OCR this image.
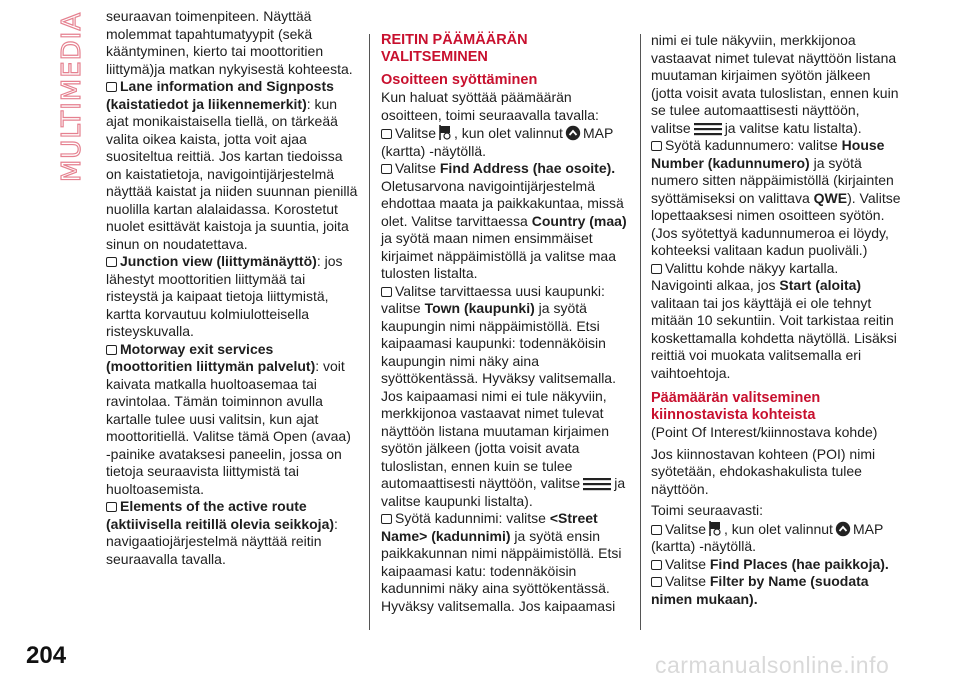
MULTIMEDIA seuraavan toimenpiteen. Näyttää

molemmat tapahtumatyypit (sekä

kääntyminen, kierto tai moottoritien

liittymä)ja matkan nykyisestä kohteesta.

Lane information and Signposts

(kaistatiedot ja liikennemerkit): kun

ajat monikaistaisella tiellä, on tärkeää

valita oikea kaista, jotta voit ajaa

suositeltua reittiä. Jos kartan tiedoissa

on kaistatietoja, navigointijärjestelmä

näyttää kaistat ja niiden suunnan pienillä

nuolilla kartan alalaidassa. Korostetut

nuolet esittävät kaistoja ja suuntia, joita

sinun on noudatettava.

Junction view (liittymänäyttö): jos

lähestyt moottoritien liittymää tai

risteystä ja kaipaat tietoja liittymistä,

kartta korvautuu kolmiulotteisella

risteyskuvalla.

Motorway exit services

(moottoritien liittymän palvelut): voit

kaivata matkalla huoltoasemaa tai

ravintolaa. Tämän toiminnon avulla

kartalle tulee uusi valitsin, kun ajat

moottoritiellä. Valitse tämä Open (avaa)

-painike avataksesi paneelin, jossa on

tietoja seuraavista liittymistä tai

huoltoasemista.

Elements of the active route

(aktiivisella reitillä olevia seikkoja):

navigaatiojärjestelmä näyttää reitin

seuraavalla tavalla.

REITIN PÄÄMÄÄRÄN

VALITSEMINEN

Osoitteen syöttäminen

Kun haluat syöttää päämäärän

osoitteen, toimi seuraavalla tavalla:

Valitse , kun olet valinnut MAP

(kartta) -näytöllä.

Valitse Find Address (hae osoite).

Oletusarvona navigointijärjestelmä

ehdottaa maata ja paikkakuntaa, missä

olet. Valitse tarvittaessa Country (maa)

ja syötä maan nimen ensimmäiset

kirjaimet näppäimistöllä ja valitse maa

tulosten listalta.

Valitse tarvittaessa uusi kaupunki:

valitse Town (kaupunki) ja syötä

kaupungin nimi näppäimistöllä. Etsi

kaipaamasi kaupunki: todennäköisin

kaupungin nimi näky aina

syöttökentässä. Hyväksy valitsemalla.

Jos kaipaamasi nimi ei tule näkyviin,

merkkijonoa vastaavat nimet tulevat

näyttöön listana muutaman kirjaimen

syötön jälkeen (jotta voisit avata

tuloslistan, ennen kuin se tulee

automaattisesti näyttöön, valitse ja

valitse kaupunki listalta).

Syötä kadunnimi: valitse <Street

Name> (kadunnimi) ja syötä ensin

paikkakunnan nimi näppäimistöllä. Etsi

kaipaamasi katu: todennäköisin

kadunnimi näky aina syöttökentässä.

Hyväksy valitsemalla. Jos kaipaamasi

nimi ei tule näkyviin, merkkijonoa

vastaavat nimet tulevat näyttöön listana

muutaman kirjaimen syötön jälkeen

(jotta voisit avata tuloslistan, ennen kuin

se tulee automaattisesti näyttöön,

valitse ja valitse katu listalta).

Syötä kadunnumero: valitse House

Number (kadunnumero) ja syötä

numero sitten näppäimistöllä (kirjainten

syöttämiseksi on valittava QWE). Valitse

lopettaaksesi nimen osoitteen syötön.

(Jos syötettyä kadunnumeroa ei löydy,

kohteeksi valitaan kadun puoliväli.)

Valittu kohde näkyy kartalla.

Navigointi alkaa, jos Start (aloita)

valitaan tai jos käyttäjä ei ole tehnyt

mitään 10 sekuntiin. Voit tarkistaa reitin

koskettamalla kohdetta näytöllä. Lisäksi

reittiä voi muokata valitsemalla eri

vaihtoehtoja.

Päämäärän valitseminen

kiinnostavista kohteista

(Point Of Interest/kiinnostava kohde)

Jos kiinnostavan kohteen (POI) nimi

syötetään, ehdokashakulista tulee

näyttöön.

Toimi seuraavasti:

Valitse , kun olet valinnut MAP

(kartta) -näytöllä.

Valitse Find Places (hae paikkoja).

Valitse Filter by Name (suodata

nimen mukaan).

204	carmanualsonline.info
